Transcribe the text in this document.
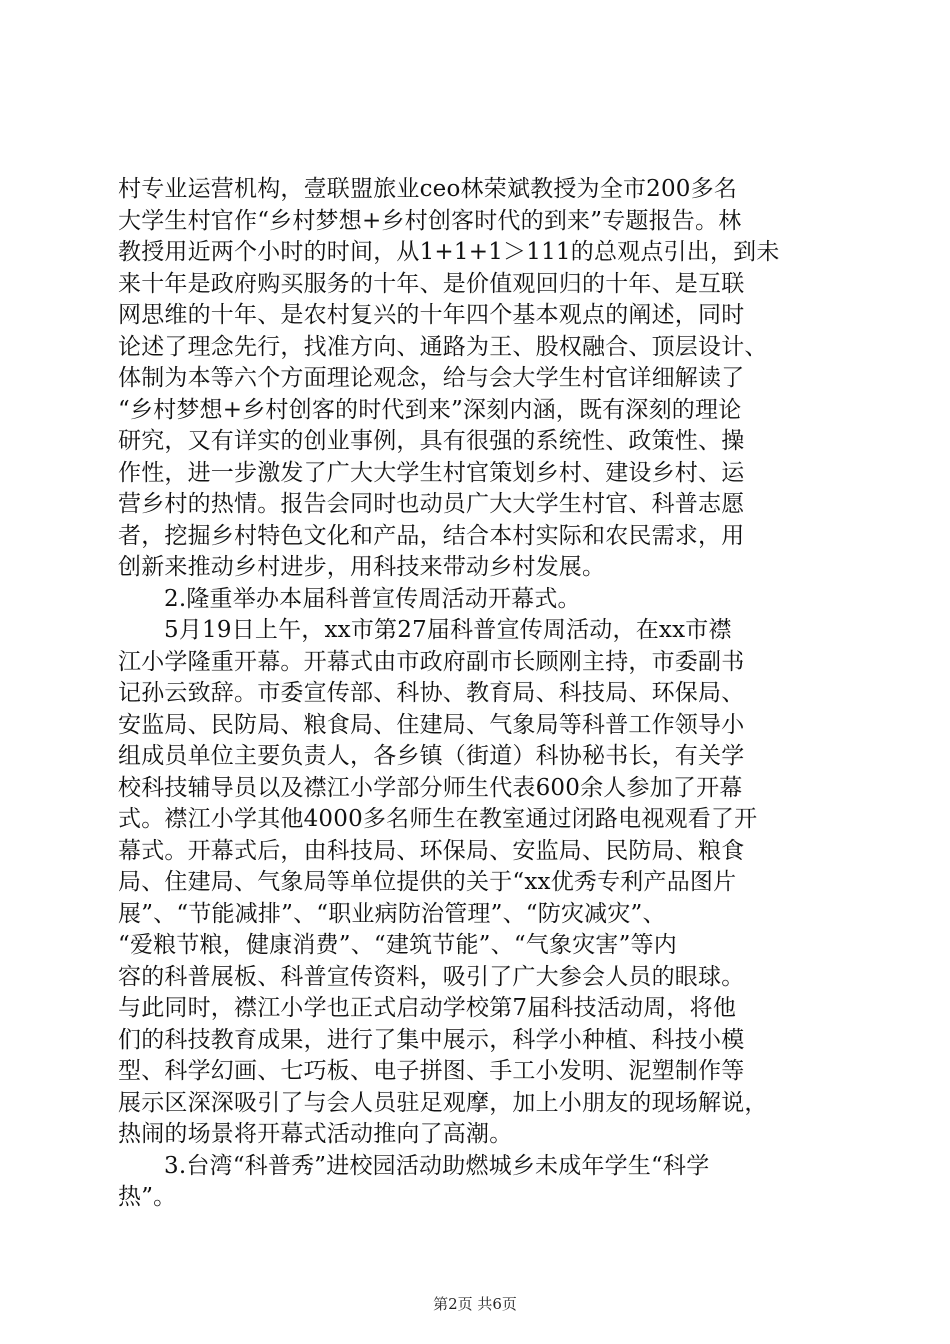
村专业运营机构，壹联盟旅业ceo林荣斌教授为全市200多名
大学生村官作“乡村梦想+乡村创客时代的到来”专题报告。林
教授用近两个小时的时间，从1+1+1＞111的总观点引出，到未
来十年是政府购买服务的十年、是价值观回归的十年、是互联
网思维的十年、是农村复兴的十年四个基本观点的阐述，同时
论述了理念先行，找准方向、通路为王、股权融合、顶层设计、
体制为本等六个方面理论观念，给与会大学生村官详细解读了
“乡村梦想+乡村创客的时代到来”深刻内涵，既有深刻的理论
研究，又有详实的创业事例，具有很强的系统性、政策性、操
作性，进一步激发了广大大学生村官策划乡村、建设乡村、运
营乡村的热情。报告会同时也动员广大大学生村官、科普志愿
者，挖掘乡村特色文化和产品，结合本村实际和农民需求，用
创新来推动乡村进步，用科技来带动乡村发展。
2.隆重举办本届科普宣传周活动开幕式。
5月19日上午，xx市第27届科普宣传周活动，在xx市襟
江小学隆重开幕。开幕式由市政府副市长顾刚主持，市委副书
记孙云致辞。市委宣传部、科协、教育局、科技局、环保局、
安监局、民防局、粮食局、住建局、气象局等科普工作领导小
组成员单位主要负责人，各乡镇（街道）科协秘书长，有关学
校科技辅导员以及襟江小学部分师生代表600余人参加了开幕
式。襟江小学其他4000多名师生在教室通过闭路电视观看了开
幕式。开幕式后，由科技局、环保局、安监局、民防局、粮食
局、住建局、气象局等单位提供的关于“xx优秀专利产品图片
展”、“节能减排”、“职业病防治管理”、“防灾减灾”、
“爱粮节粮，健康消费”、“建筑节能”、“气象灾害”等内
容的科普展板、科普宣传资料，吸引了广大参会人员的眼球。
与此同时，襟江小学也正式启动学校第7届科技活动周，将他
们的科技教育成果，进行了集中展示，科学小种植、科技小模
型、科学幻画、七巧板、电子拼图、手工小发明、泥塑制作等
展示区深深吸引了与会人员驻足观摩，加上小朋友的现场解说，
热闹的场景将开幕式活动推向了高潮。
3.台湾“科普秀”进校园活动助燃城乡未成年学生“科学
热”。
第2页 共6页
